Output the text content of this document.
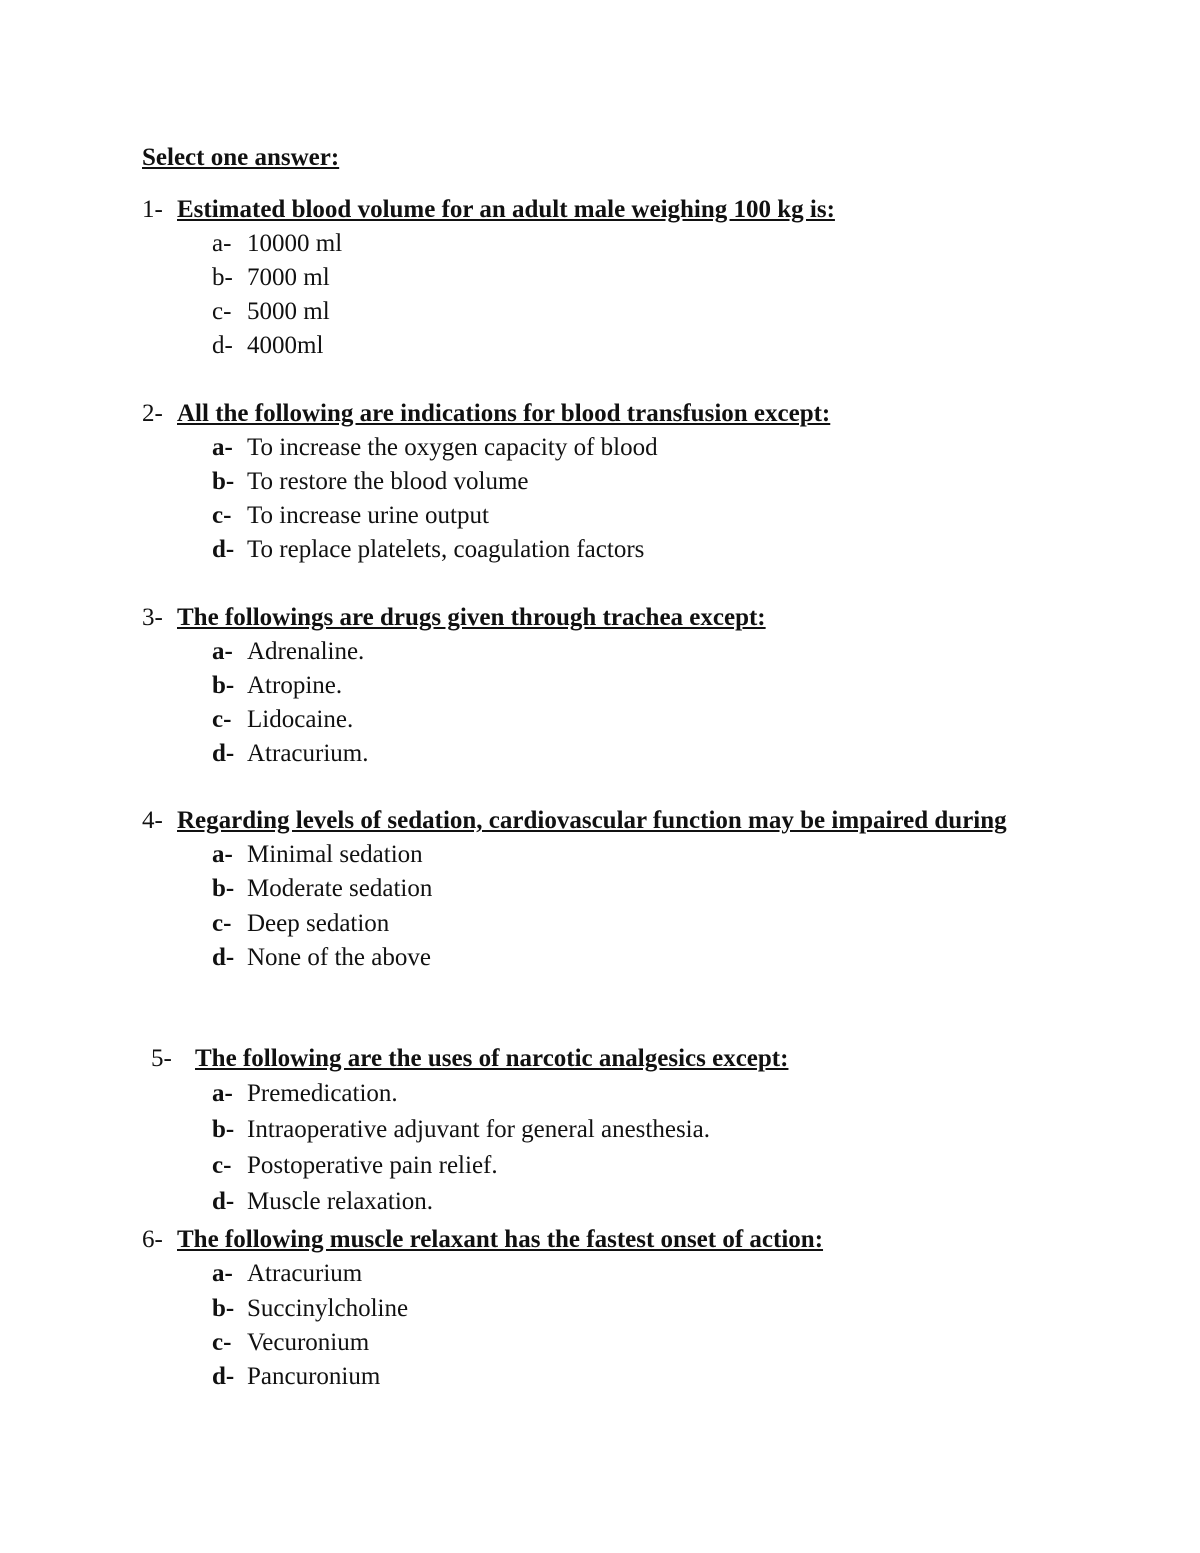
Select one answer:
1- Estimated blood volume for an adult male weighing 100 kg is:
a- 10000 ml
b- 7000 ml
c- 5000 ml
d- 4000ml
2- All the following are indications for blood transfusion except:
a- To increase the oxygen capacity of blood
b- To restore the blood volume
c- To increase urine output
d- To replace platelets, coagulation factors
3- The followings are drugs given through trachea except:
a- Adrenaline.
b- Atropine.
c- Lidocaine.
d- Atracurium.
4- Regarding levels of sedation, cardiovascular function may be impaired during
a- Minimal sedation
b- Moderate sedation
c- Deep sedation
d- None of the above
5- The following are the uses of narcotic analgesics except:
a- Premedication.
b- Intraoperative adjuvant for general anesthesia.
c- Postoperative pain relief.
d- Muscle relaxation.
6- The following muscle relaxant has the fastest onset of action:
a- Atracurium
b- Succinylcholine
c- Vecuronium
d- Pancuronium
